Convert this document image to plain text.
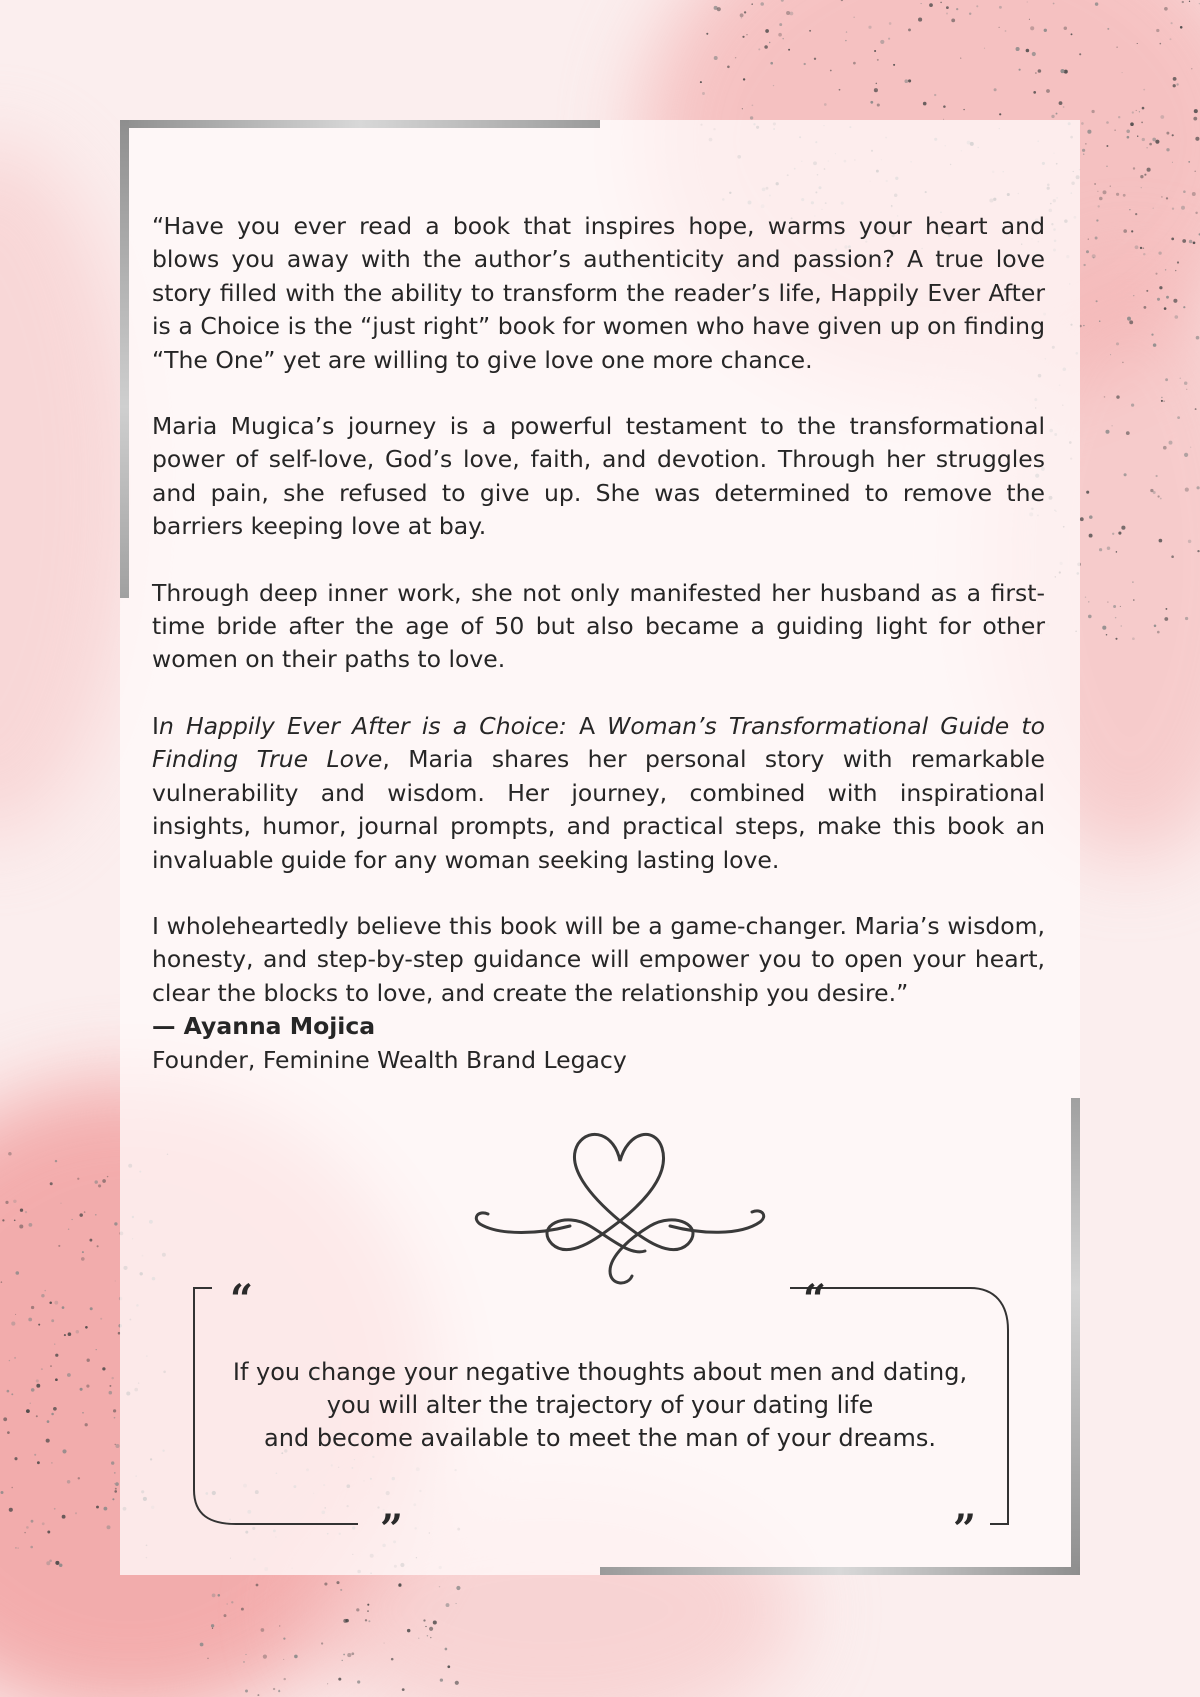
“Have you ever read a book that inspires hope, warms your heart and blows you away with the author’s authenticity and passion? A true love story filled with the ability to transform the reader’s life, Happily Ever After is a Choice is the “just right” book for women who have given up on finding “The One” yet are willing to give love one more chance.

Maria Mugica’s journey is a powerful testament to the transformational power of self-love, God’s love, faith, and devotion. Through her struggles and pain, she refused to give up. She was determined to remove the barriers keeping love at bay.

Through deep inner work, she not only manifested her husband as a first-time bride after the age of 50 but also became a guiding light for other women on their paths to love.

In Happily Ever After is a Choice: A Woman’s Transformational Guide to Finding True Love, Maria shares her personal story with remarkable vulnerability and wisdom. Her journey, combined with inspirational insights, humor, journal prompts, and practical steps, make this book an invaluable guide for any woman seeking lasting love.

I wholeheartedly believe this book will be a game-changer. Maria’s wisdom, honesty, and step-by-step guidance will empower you to open your heart, clear the blocks to love, and create the relationship you desire.”

— Ayanna Mojica
Founder, Feminine Wealth Brand Legacy
“	“
”	”
If you change your negative thoughts about men and dating,
you will alter the trajectory of your dating life
and become available to meet the man of your dreams.
